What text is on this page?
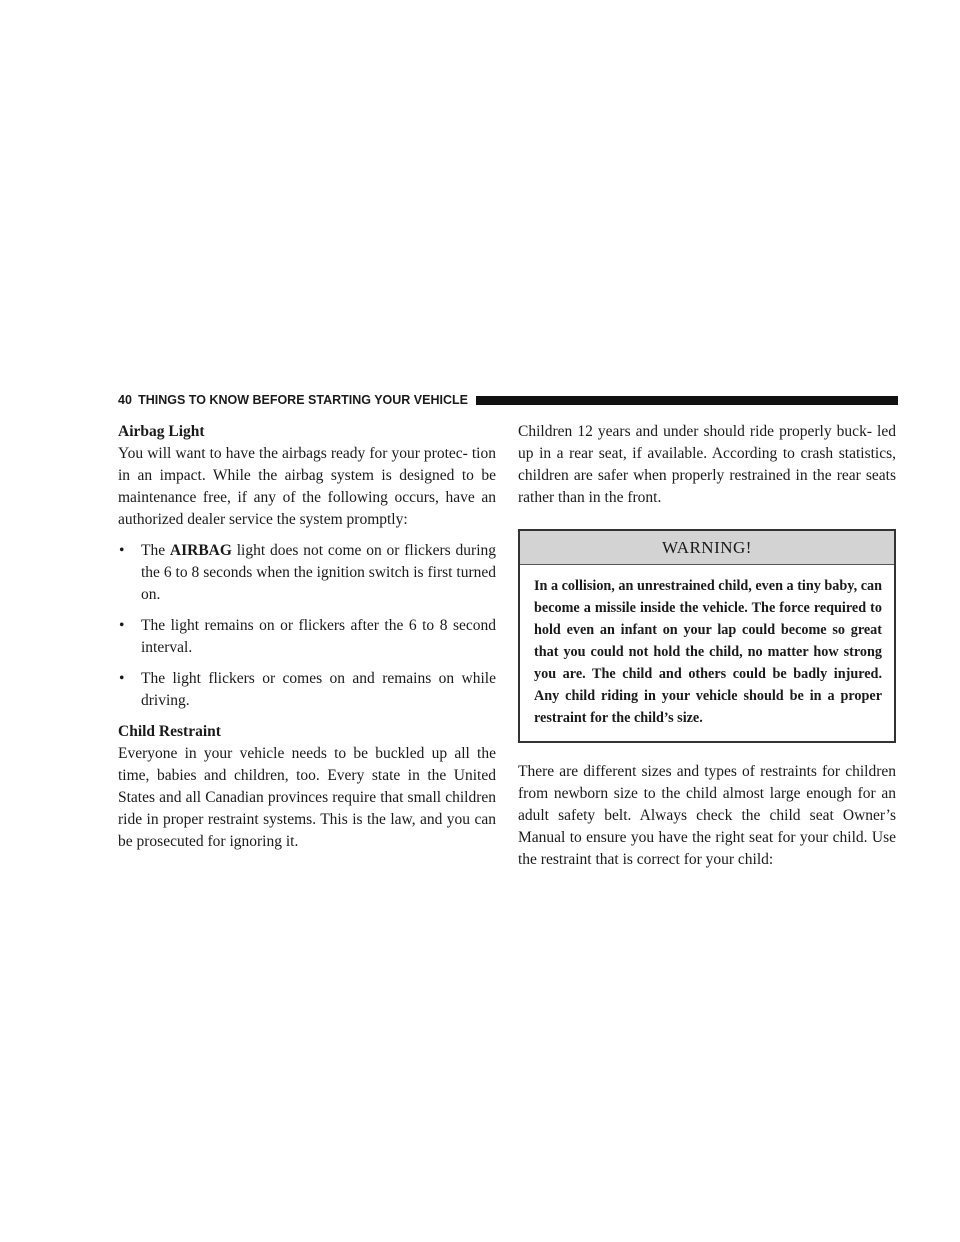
40 THINGS TO KNOW BEFORE STARTING YOUR VEHICLE
Airbag Light

You will want to have the airbags ready for your protec- tion in an impact. While the airbag system is designed to be maintenance free, if any of the following occurs, have an authorized dealer service the system promptly:

• The AIRBAG light does not come on or flickers during the 6 to 8 seconds when the ignition switch is first turned on.
• The light remains on or flickers after the 6 to 8 second interval.
• The light flickers or comes on and remains on while driving.
Child Restraint

Everyone in your vehicle needs to be buckled up all the time, babies and children, too. Every state in the United States and all Canadian provinces require that small children ride in proper restraint systems. This is the law, and you can be prosecuted for ignoring it.

Children 12 years and under should ride properly buck- led up in a rear seat, if available. According to crash statistics, children are safer when properly restrained in the rear seats rather than in the front.

WARNING!
In a collision, an unrestrained child, even a tiny baby, can become a missile inside the vehicle. The force required to hold even an infant on your lap could become so great that you could not hold the child, no matter how strong you are. The child and others could be badly injured. Any child riding in your vehicle should be in a proper restraint for the child’s size.

There are different sizes and types of restraints for children from newborn size to the child almost large enough for an adult safety belt. Always check the child seat Owner’s Manual to ensure you have the right seat for your child. Use the restraint that is correct for your child:
